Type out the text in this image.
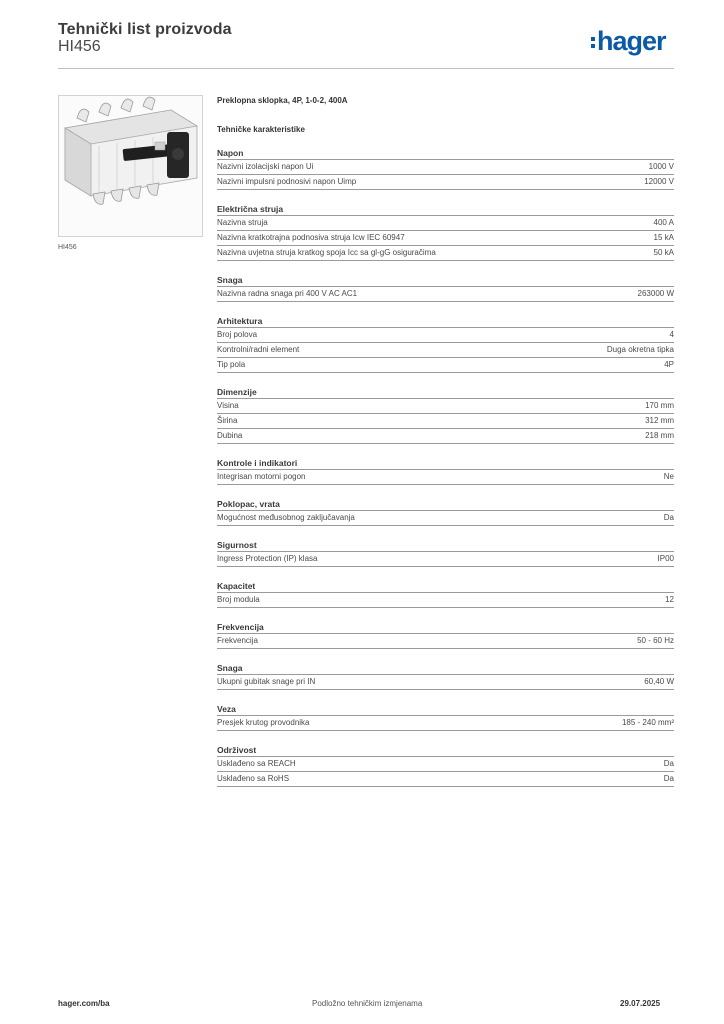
Tehnički list proizvoda
HI456	hager
HI456
Preklopna sklopka, 4P, 1-0-2, 400A
Tehničke karakteristike
Napon
Nazivni izolacijski napon Ui	1000 V
Nazivni impulsni podnosivi napon Uimp	12000 V
Električna struja
Nazivna struja	400 A
Nazivna kratkotrajna podnosiva struja Icw IEC 60947	15 kA
Nazivna uvjetna struja kratkog spoja Icc sa gl-gG osiguračima	50 kA
Snaga
Nazivna radna snaga pri 400 V AC AC1	263000 W
Arhitektura
Broj polova	4
Kontrolni/radni element	Duga okretna tipka
Tip pola	4P
Dimenzije
Visina	170 mm
Širina	312 mm
Dubina	218 mm
Kontrole i indikatori
Integrisan motorni pogon	Ne
Poklopac, vrata
Mogućnost međusobnog zaključavanja	Da
Sigurnost
Ingress Protection (IP) klasa	IP00
Kapacitet
Broj modula	12
Frekvencija
Frekvencija	50 - 60 Hz
Snaga
Ukupni gubitak snage pri IN	60,40 W
Veza
Presjek krutog provodnika	185 - 240 mm²
Održivost
Usklađeno sa REACH	Da
Usklađeno sa RoHS	Da
hager.com/ba	Podložno tehničkim izmjenama	29.07.2025
